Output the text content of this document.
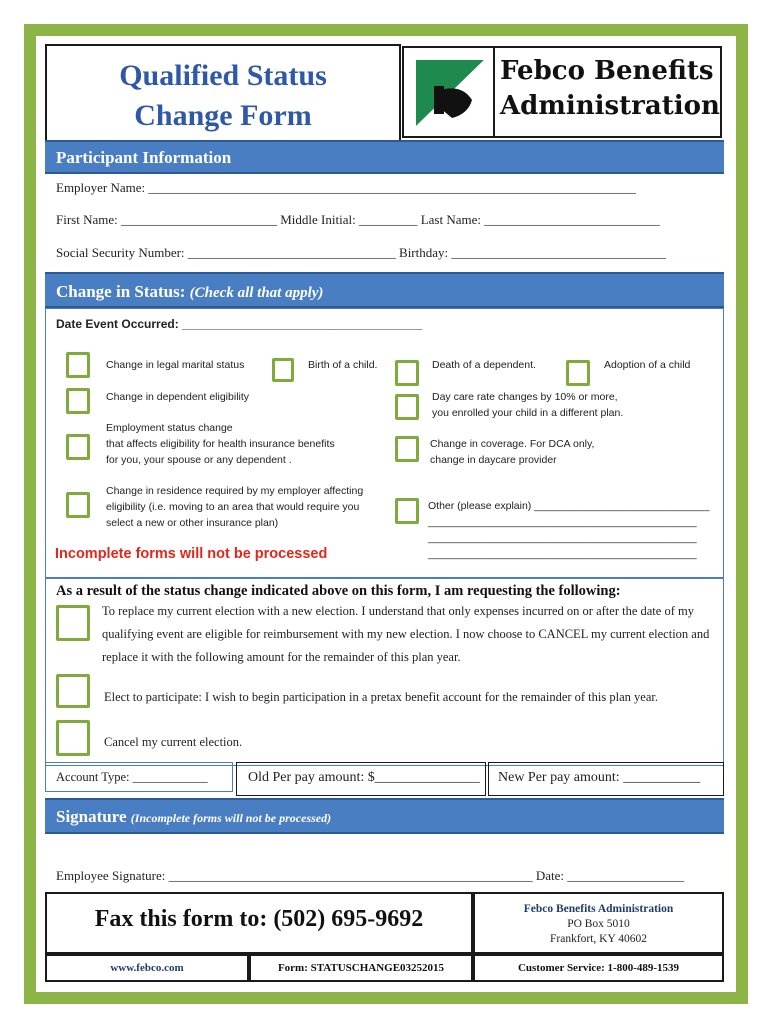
Qualified Status
Change Form
Febco Benefits
Administration
Participant Information
Employer Name: ___________________________________________________________________________
First Name: ________________________ Middle Initial: _________ Last Name: ___________________________
Social Security Number: ________________________________ Birthday: _________________________________
Change in Status: (Check all that apply)
Date Event Occurred: ____________________________________
Change in legal marital status	Birth of a child.	Death of a dependent.	Adoption of a child
Change in dependent eligibility	Day care rate changes by 10% or more,
you enrolled your child in a different plan.
Employment status change
that affects eligibility for health insurance benefits
for you, your spouse or any dependent .
Change in coverage. For DCA only,
change in daycare provider
Change in residence required by my employer affecting
eligibility (i.e. moving to an area that would require you
select a new or other insurance plan)
Other (please explain) ______________________________
______________________________________________
______________________________________________
______________________________________________
Incomplete forms will not be processed
As a result of the status change indicated above on this form, I am requesting the following:
To replace my current election with a new election. I understand that only expenses incurred on or after the date of my
qualifying event are eligible for reimbursement with my new election. I now choose to CANCEL my current election and
replace it with the following amount for the remainder of this plan year.
Elect to participate: I wish to begin participation in a pretax benefit account for the remainder of this plan year.
Cancel my current election.
Account Type: ____________	Old Per pay amount: $_______________ New Per pay amount: ___________
Signature (Incomplete forms will not be processed)
Employee Signature: ________________________________________________________ Date: __________________
Fax this form to: (502) 695-9692	Febco Benefits Administration
PO Box 5010
Frankfort, KY 40602
www.febco.com	Form: STATUSCHANGE03252015	Customer Service: 1-800-489-1539
